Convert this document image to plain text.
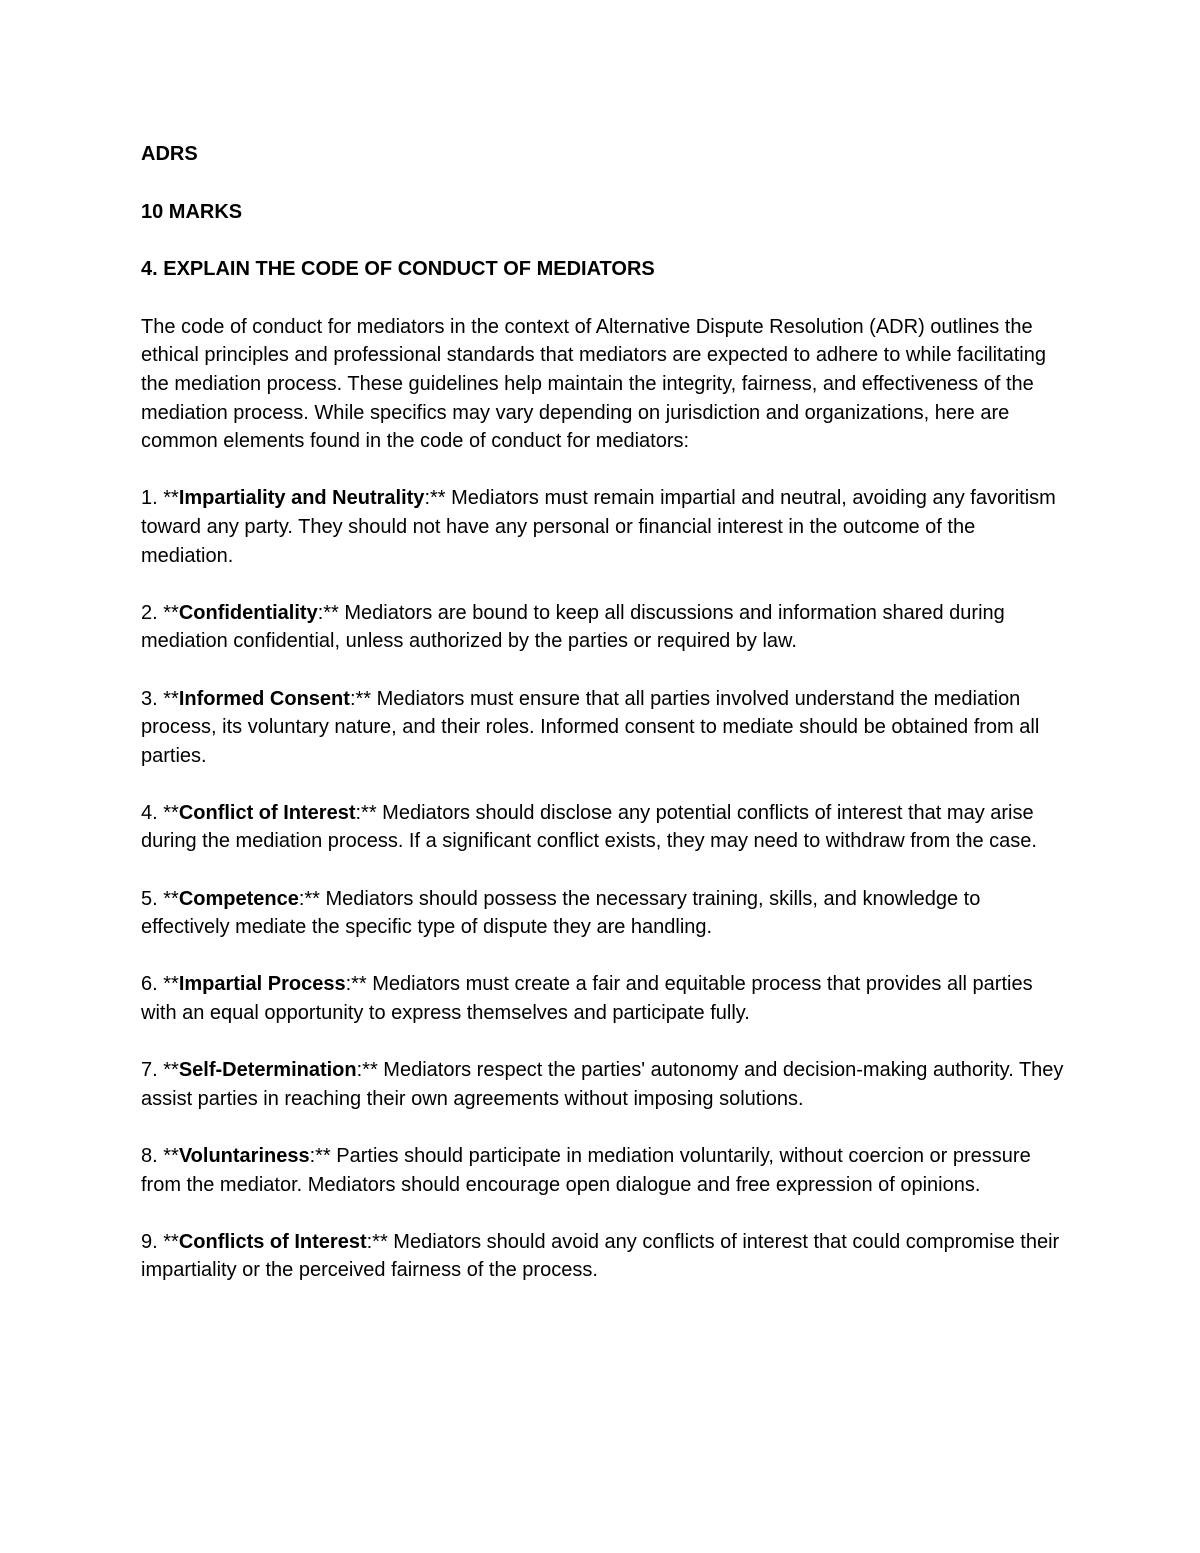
ADRS
10 MARKS
4. EXPLAIN THE CODE OF CONDUCT OF MEDIATORS

The code of conduct for mediators in the context of Alternative Dispute Resolution (ADR) outlines the ethical principles and professional standards that mediators are expected to adhere to while facilitating the mediation process. These guidelines help maintain the integrity, fairness, and effectiveness of the mediation process. While specifics may vary depending on jurisdiction and organizations, here are common elements found in the code of conduct for mediators:

1. **Impartiality and Neutrality:** Mediators must remain impartial and neutral, avoiding any favoritism toward any party. They should not have any personal or financial interest in the outcome of the mediation.

2. **Confidentiality:** Mediators are bound to keep all discussions and information shared during mediation confidential, unless authorized by the parties or required by law.

3. **Informed Consent:** Mediators must ensure that all parties involved understand the mediation process, its voluntary nature, and their roles. Informed consent to mediate should be obtained from all parties.

4. **Conflict of Interest:** Mediators should disclose any potential conflicts of interest that may arise during the mediation process. If a significant conflict exists, they may need to withdraw from the case.

5. **Competence:** Mediators should possess the necessary training, skills, and knowledge to effectively mediate the specific type of dispute they are handling.

6. **Impartial Process:** Mediators must create a fair and equitable process that provides all parties with an equal opportunity to express themselves and participate fully.

7. **Self-Determination:** Mediators respect the parties' autonomy and decision-making authority. They assist parties in reaching their own agreements without imposing solutions.

8. **Voluntariness:** Parties should participate in mediation voluntarily, without coercion or pressure from the mediator. Mediators should encourage open dialogue and free expression of opinions.

9. **Conflicts of Interest:** Mediators should avoid any conflicts of interest that could compromise their impartiality or the perceived fairness of the process.
